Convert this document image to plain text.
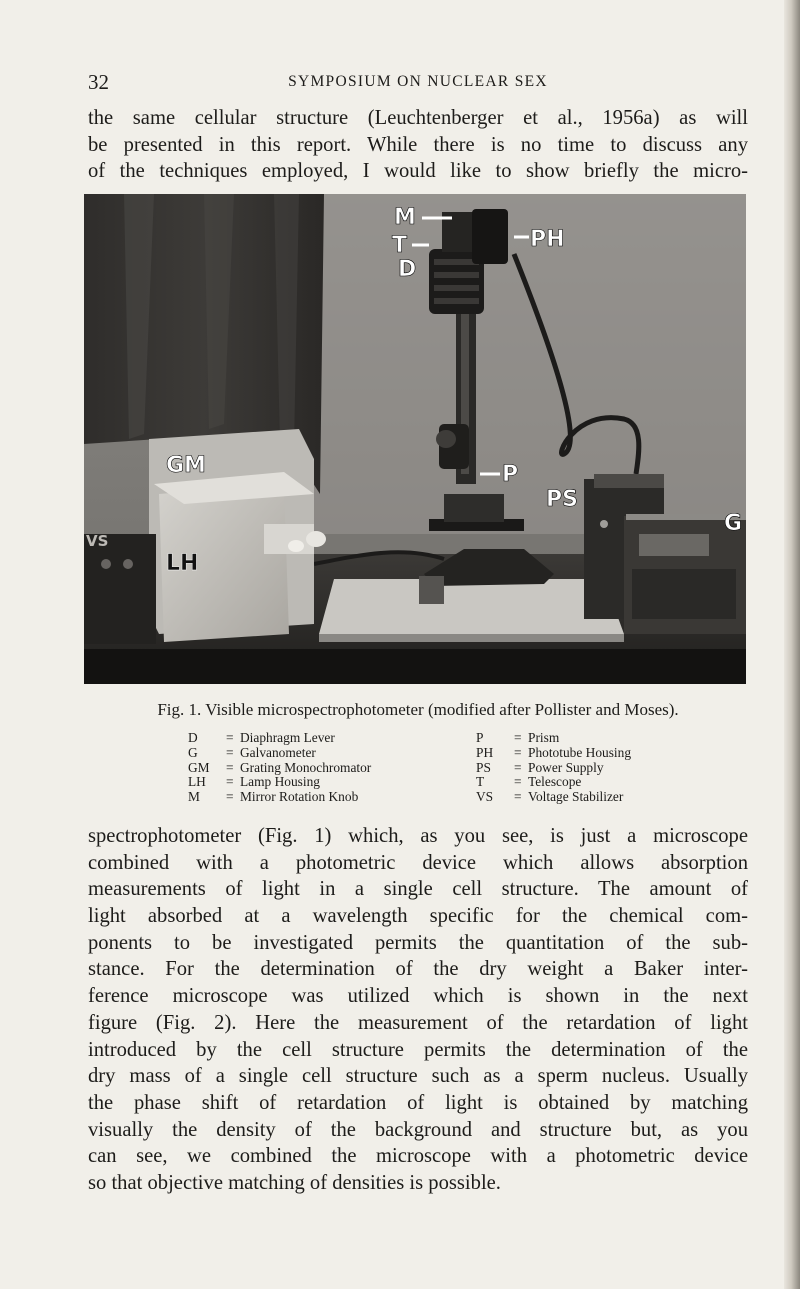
32	SYMPOSIUM ON NUCLEAR SEX

the same cellular structure (Leuchtenberger et al., 1956a) as will
be presented in this report. While there is no time to discuss any
of the techniques employed, I would like to show briefly the micro-

M
T
D
PH
P
PS
G
GM
LH
VS

Fig. 1. Visible microspectrophotometer (modified after Pollister and Moses).

D	= Diaphragm Lever
G	= Galvanometer
GM	= Grating Monochromator
LH	= Lamp Housing
M	= Mirror Rotation Knob
P	= Prism
PH	= Phototube Housing
PS	= Power Supply
T	= Telescope
VS	= Voltage Stabilizer

spectrophotometer (Fig. 1) which, as you see, is just a microscope
combined with a photometric device which allows absorption
measurements of light in a single cell structure. The amount of
light absorbed at a wavelength specific for the chemical com-
ponents to be investigated permits the quantitation of the sub-
stance. For the determination of the dry weight a Baker inter-
ference microscope was utilized which is shown in the next
figure (Fig. 2). Here the measurement of the retardation of light
introduced by the cell structure permits the determination of the
dry mass of a single cell structure such as a sperm nucleus. Usually
the phase shift of retardation of light is obtained by matching
visually the density of the background and structure but, as you
can see, we combined the microscope with a photometric device
so that objective matching of densities is possible.
